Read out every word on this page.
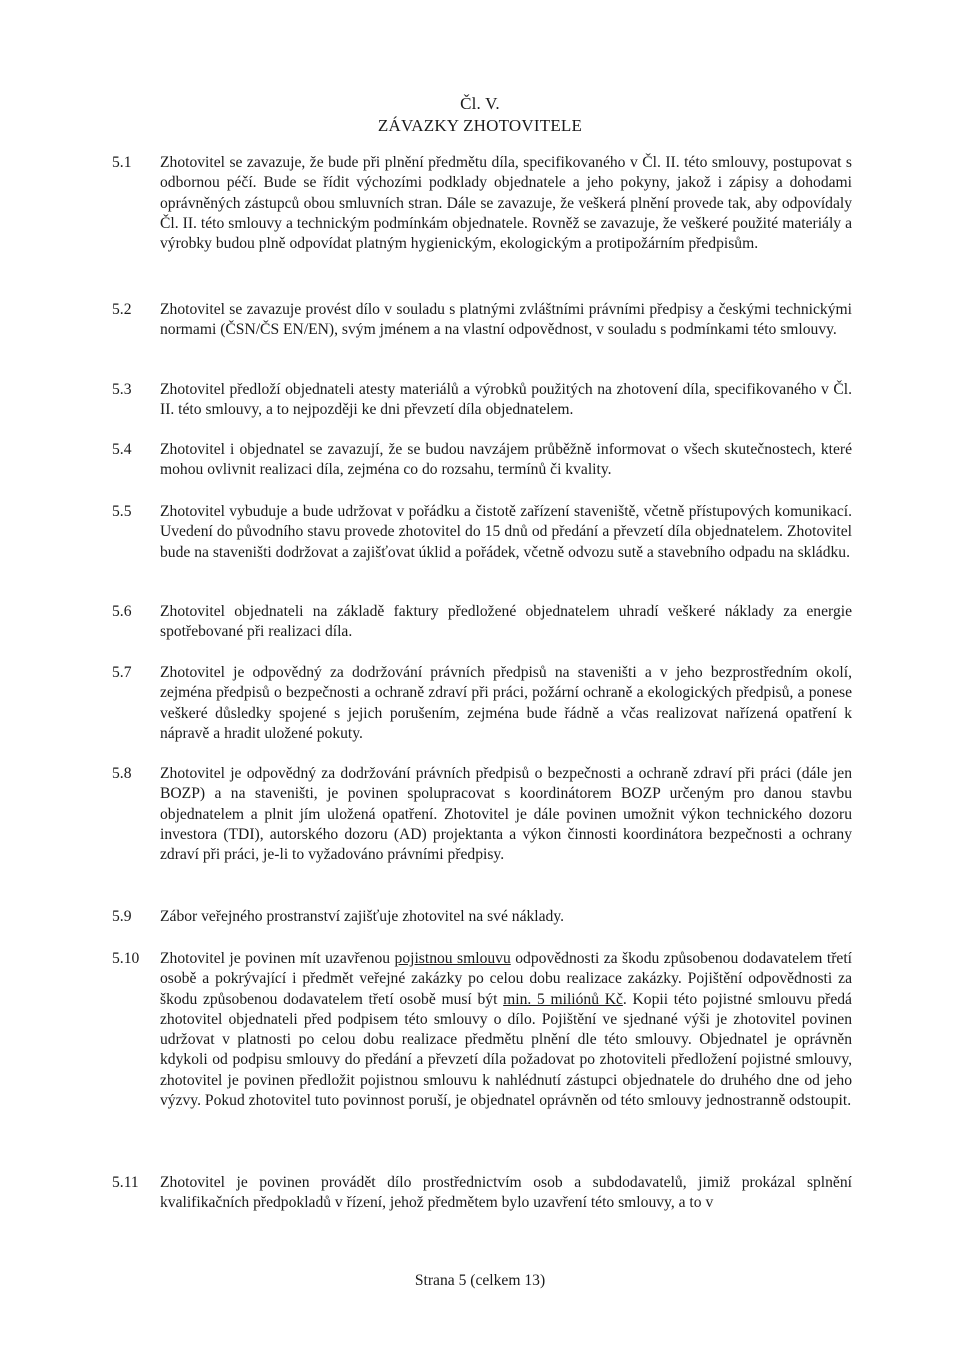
Čl. V.
ZÁVAZKY ZHOTOVITELE
5.1	Zhotovitel se zavazuje, že bude při plnění předmětu díla, specifikovaného v Čl. II. této smlouvy, postupovat s odbornou péčí. Bude se řídit výchozími podklady objednatele a jeho pokyny, jakož i zápisy a dohodami oprávněných zástupců obou smluvních stran. Dále se zavazuje, že veškerá plnění provede tak, aby odpovídaly Čl. II. této smlouvy a technickým podmínkám objednatele. Rovněž se zavazuje, že veškeré použité materiály a výrobky budou plně odpovídat platným hygienickým, ekologickým a protipožárním předpisům.
5.2	Zhotovitel se zavazuje provést dílo v souladu s platnými zvláštními právními předpisy a českými technickými normami (ČSN/ČS EN/EN), svým jménem a na vlastní odpovědnost, v souladu s podmínkami této smlouvy.
5.3	Zhotovitel předloží objednateli atesty materiálů a výrobků použitých na zhotovení díla, specifikovaného v Čl. II. této smlouvy, a to nejpozději ke dni převzetí díla objednatelem.
5.4	Zhotovitel i objednatel se zavazují, že se budou navzájem průběžně informovat o všech skutečnostech, které mohou ovlivnit realizaci díla, zejména co do rozsahu, termínů či kvality.
5.5	Zhotovitel vybuduje a bude udržovat v pořádku a čistotě zařízení staveniště, včetně přístupových komunikací. Uvedení do původního stavu provede zhotovitel do 15 dnů od předání a převzetí díla objednatelem. Zhotovitel bude na staveništi dodržovat a zajišťovat úklid a pořádek, včetně odvozu sutě a stavebního odpadu na skládku.
5.6	Zhotovitel objednateli na základě faktury předložené objednatelem uhradí veškeré náklady za energie spotřebované při realizaci díla.
5.7	Zhotovitel je odpovědný za dodržování právních předpisů na staveništi a v jeho bezprostředním okolí, zejména předpisů o bezpečnosti a ochraně zdraví při práci, požární ochraně a ekologických předpisů, a ponese veškeré důsledky spojené s jejich porušením, zejména bude řádně a včas realizovat nařízená opatření k nápravě a hradit uložené pokuty.
5.8	Zhotovitel je odpovědný za dodržování právních předpisů o bezpečnosti a ochraně zdraví při práci (dále jen BOZP) a na staveništi, je povinen spolupracovat s koordinátorem BOZP určeným pro danou stavbu objednatelem a plnit jím uložená opatření. Zhotovitel je dále povinen umožnit výkon technického dozoru investora (TDI), autorského dozoru (AD) projektanta a výkon činnosti koordinátora bezpečnosti a ochrany zdraví při práci, je-li to vyžadováno právními předpisy.
5.9	Zábor veřejného prostranství zajišťuje zhotovitel na své náklady.
5.10	Zhotovitel je povinen mít uzavřenou pojistnou smlouvu odpovědnosti za škodu způsobenou dodavatelem třetí osobě a pokrývající i předmět veřejné zakázky po celou dobu realizace zakázky. Pojištění odpovědnosti za škodu způsobenou dodavatelem třetí osobě musí být min. 5 miliónů Kč. Kopii této pojistné smlouvu předá zhotovitel objednateli před podpisem této smlouvy o dílo. Pojištění ve sjednané výši je zhotovitel povinen udržovat v platnosti po celou dobu realizace předmětu plnění dle této smlouvy. Objednatel je oprávněn kdykoli od podpisu smlouvy do předání a převzetí díla požadovat po zhotoviteli předložení pojistné smlouvy, zhotovitel je povinen předložit pojistnou smlouvu k nahlédnutí zástupci objednatele do druhého dne od jeho výzvy. Pokud zhotovitel tuto povinnost poruší, je objednatel oprávněn od této smlouvy jednostranně odstoupit.
5.11	Zhotovitel je povinen provádět dílo prostřednictvím osob a subdodavatelů, jimiž prokázal splnění kvalifikačních předpokladů v řízení, jehož předmětem bylo uzavření této smlouvy, a to v
Strana 5 (celkem 13)
